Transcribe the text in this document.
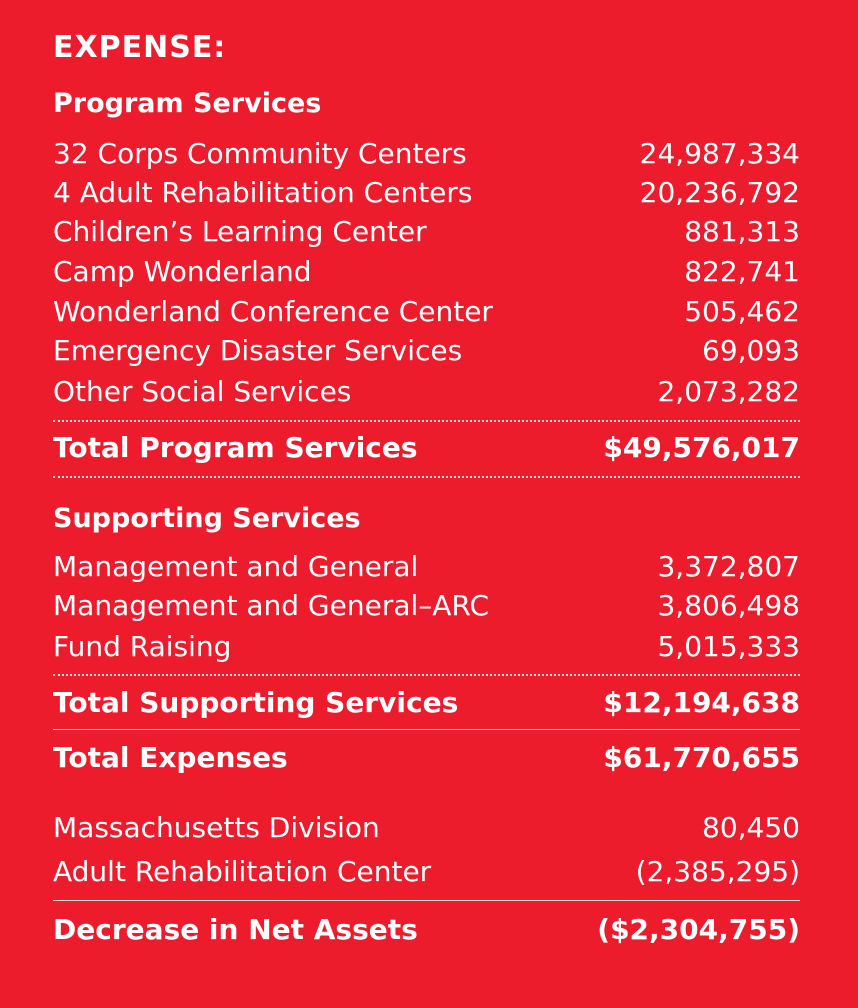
EXPENSE:
Program Services
32 Corps Community Centers	24,987,334
4 Adult Rehabilitation Centers	20,236,792
Children’s Learning Center	881,313
Camp Wonderland	822,741
Wonderland Conference Center	505,462
Emergency Disaster Services	69,093
Other Social Services	2,073,282
Total Program Services	$49,576,017
Supporting Services
Management and General	3,372,807
Management and General–ARC	3,806,498
Fund Raising	5,015,333
Total Supporting Services	$12,194,638
Total Expenses	$61,770,655
Massachusetts Division	80,450
Adult Rehabilitation Center	(2,385,295)
Decrease in Net Assets	($2,304,755)
